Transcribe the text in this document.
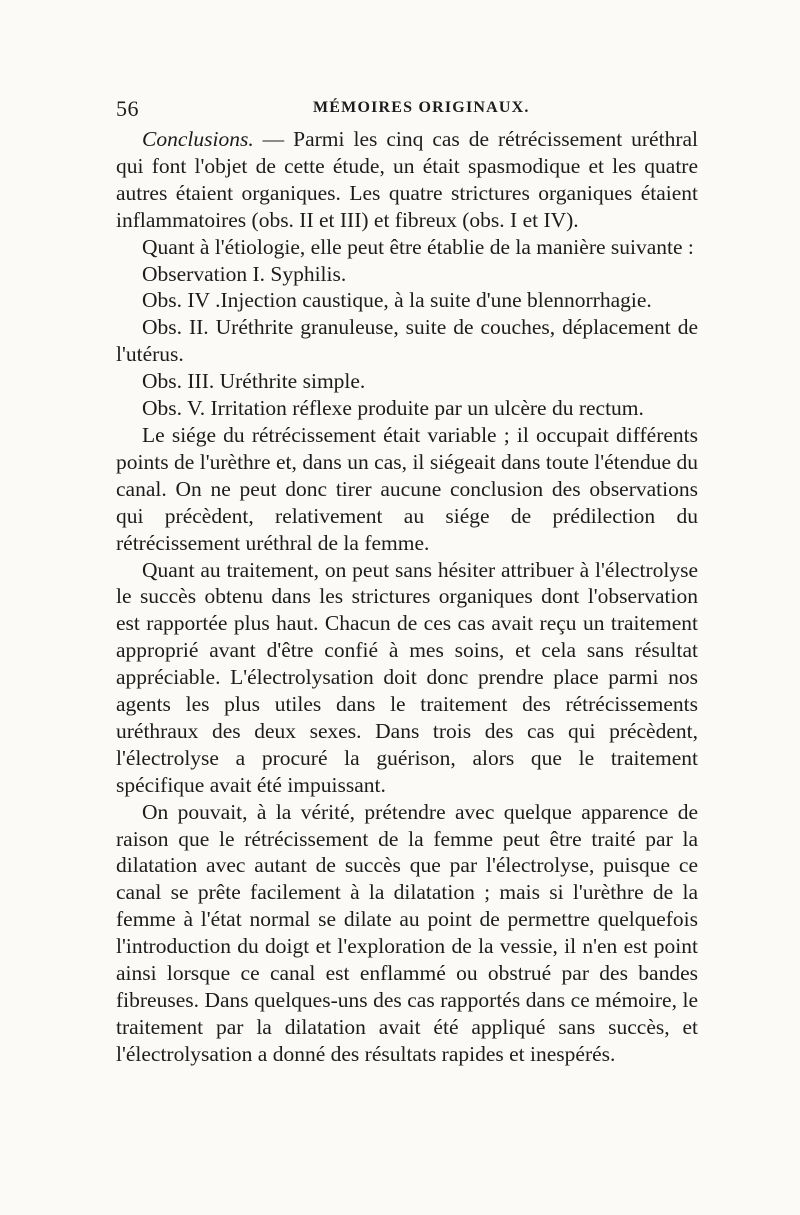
56	MÉMOIRES ORIGINAUX.

Conclusions. — Parmi les cinq cas de rétrécissement uréthral qui font l'objet de cette étude, un était spasmodique et les quatre autres étaient organiques. Les quatre strictures organiques étaient inflammatoires (obs. II et III) et fibreux (obs. I et IV).

Quant à l'étiologie, elle peut être établie de la manière suivante :

Observation I. Syphilis.

Obs. IV .Injection caustique, à la suite d'une blennorrhagie.

Obs. II. Uréthrite granuleuse, suite de couches, déplacement de l'utérus.

Obs. III. Uréthrite simple.

Obs. V. Irritation réflexe produite par un ulcère du rectum.

Le siége du rétrécissement était variable ; il occupait différents points de l'urèthre et, dans un cas, il siégeait dans toute l'étendue du canal. On ne peut donc tirer aucune conclusion des observations qui précèdent, relativement au siége de prédilection du rétrécissement uréthral de la femme.

Quant au traitement, on peut sans hésiter attribuer à l'électrolyse le succès obtenu dans les strictures organiques dont l'observation est rapportée plus haut. Chacun de ces cas avait reçu un traitement approprié avant d'être confié à mes soins, et cela sans résultat appréciable. L'électrolysation doit donc prendre place parmi nos agents les plus utiles dans le traitement des rétrécissements uréthraux des deux sexes. Dans trois des cas qui précèdent, l'électrolyse a procuré la guérison, alors que le traitement spécifique avait été impuissant.

On pouvait, à la vérité, prétendre avec quelque apparence de raison que le rétrécissement de la femme peut être traité par la dilatation avec autant de succès que par l'électrolyse, puisque ce canal se prête facilement à la dilatation ; mais si l'urèthre de la femme à l'état normal se dilate au point de permettre quelquefois l'introduction du doigt et l'exploration de la vessie, il n'en est point ainsi lorsque ce canal est enflammé ou obstrué par des bandes fibreuses. Dans quelques-uns des cas rapportés dans ce mémoire, le traitement par la dilatation avait été appliqué sans succès, et l'électrolysation a donné des résultats rapides et inespérés.
